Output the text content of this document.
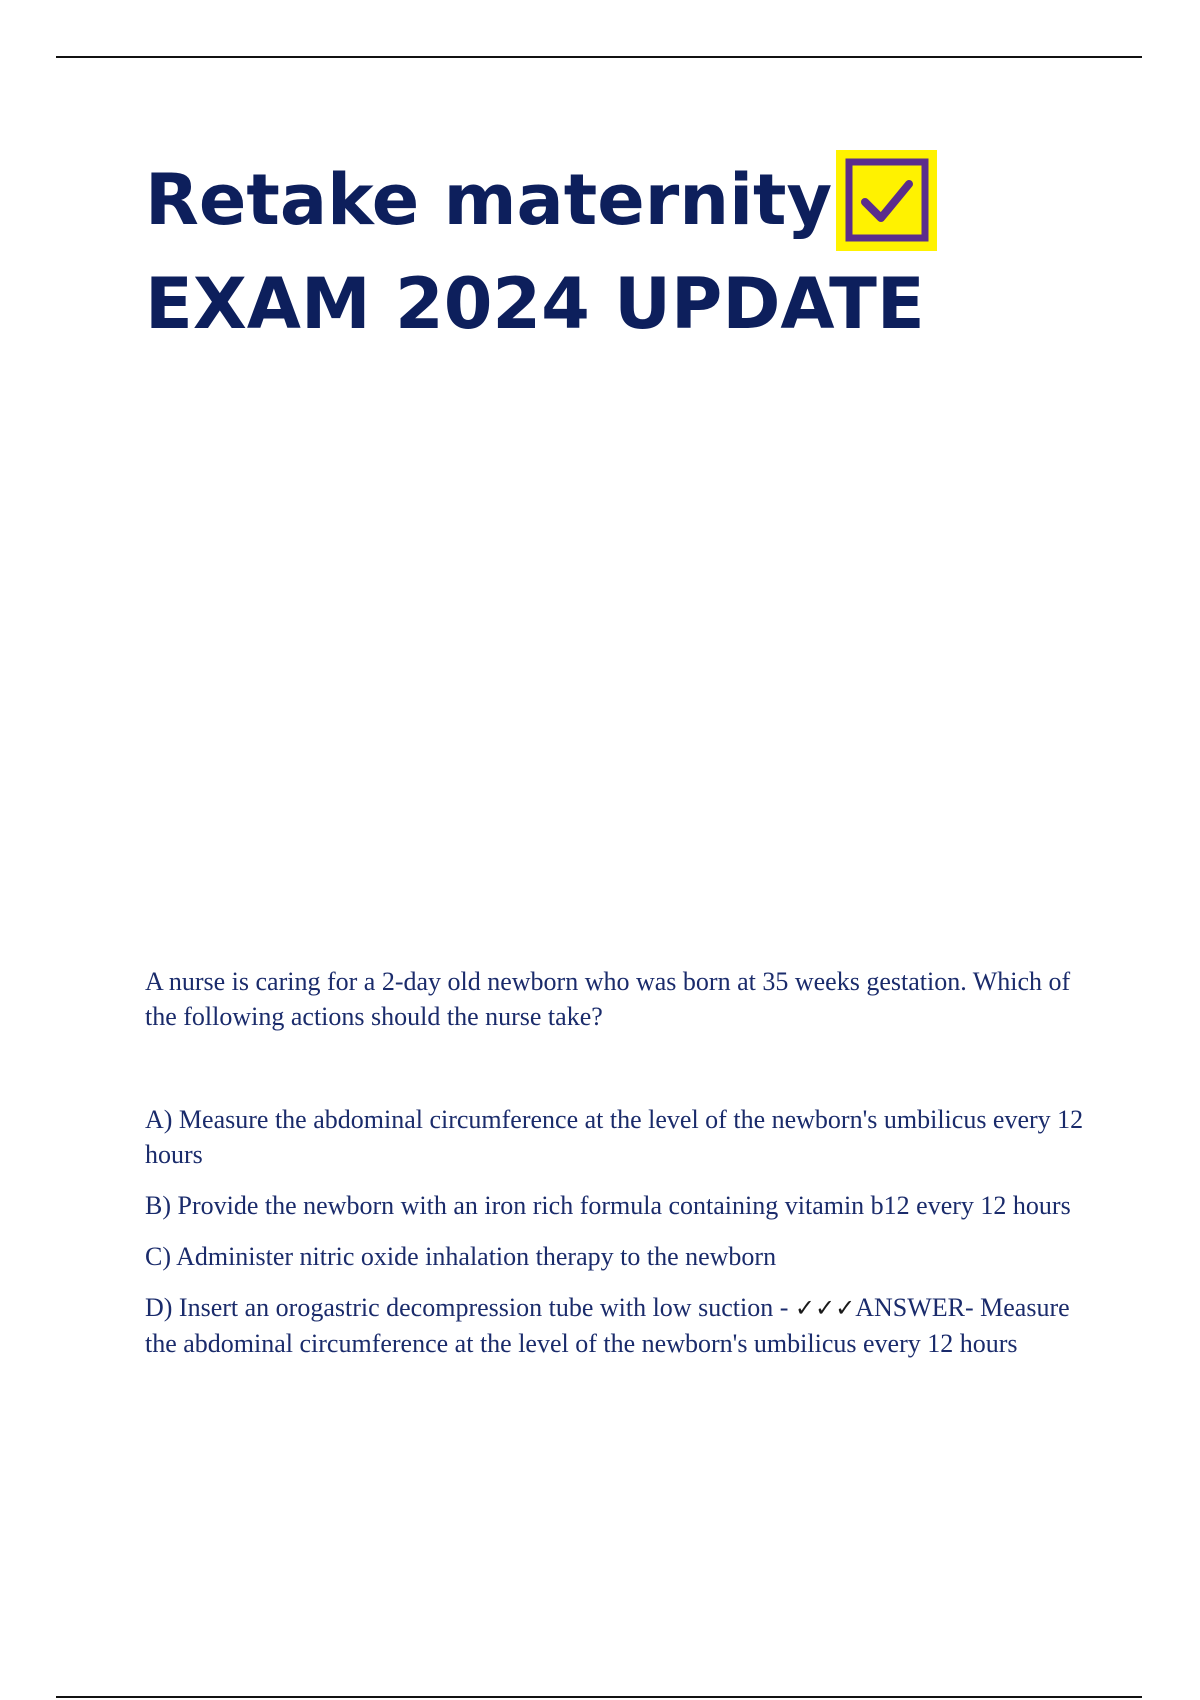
Retake maternity
EXAM 2024 UPDATE

A nurse is caring for a 2-day old newborn who was born at 35 weeks gestation. Which of the following actions should the nurse take?

A) Measure the abdominal circumference at the level of the newborn's umbilicus every 12 hours

B) Provide the newborn with an iron rich formula containing vitamin b12 every 12 hours

C) Administer nitric oxide inhalation therapy to the newborn

D) Insert an orogastric decompression tube with low suction - ✓✓✓ANSWER- Measure the abdominal circumference at the level of the newborn's umbilicus every 12 hours
